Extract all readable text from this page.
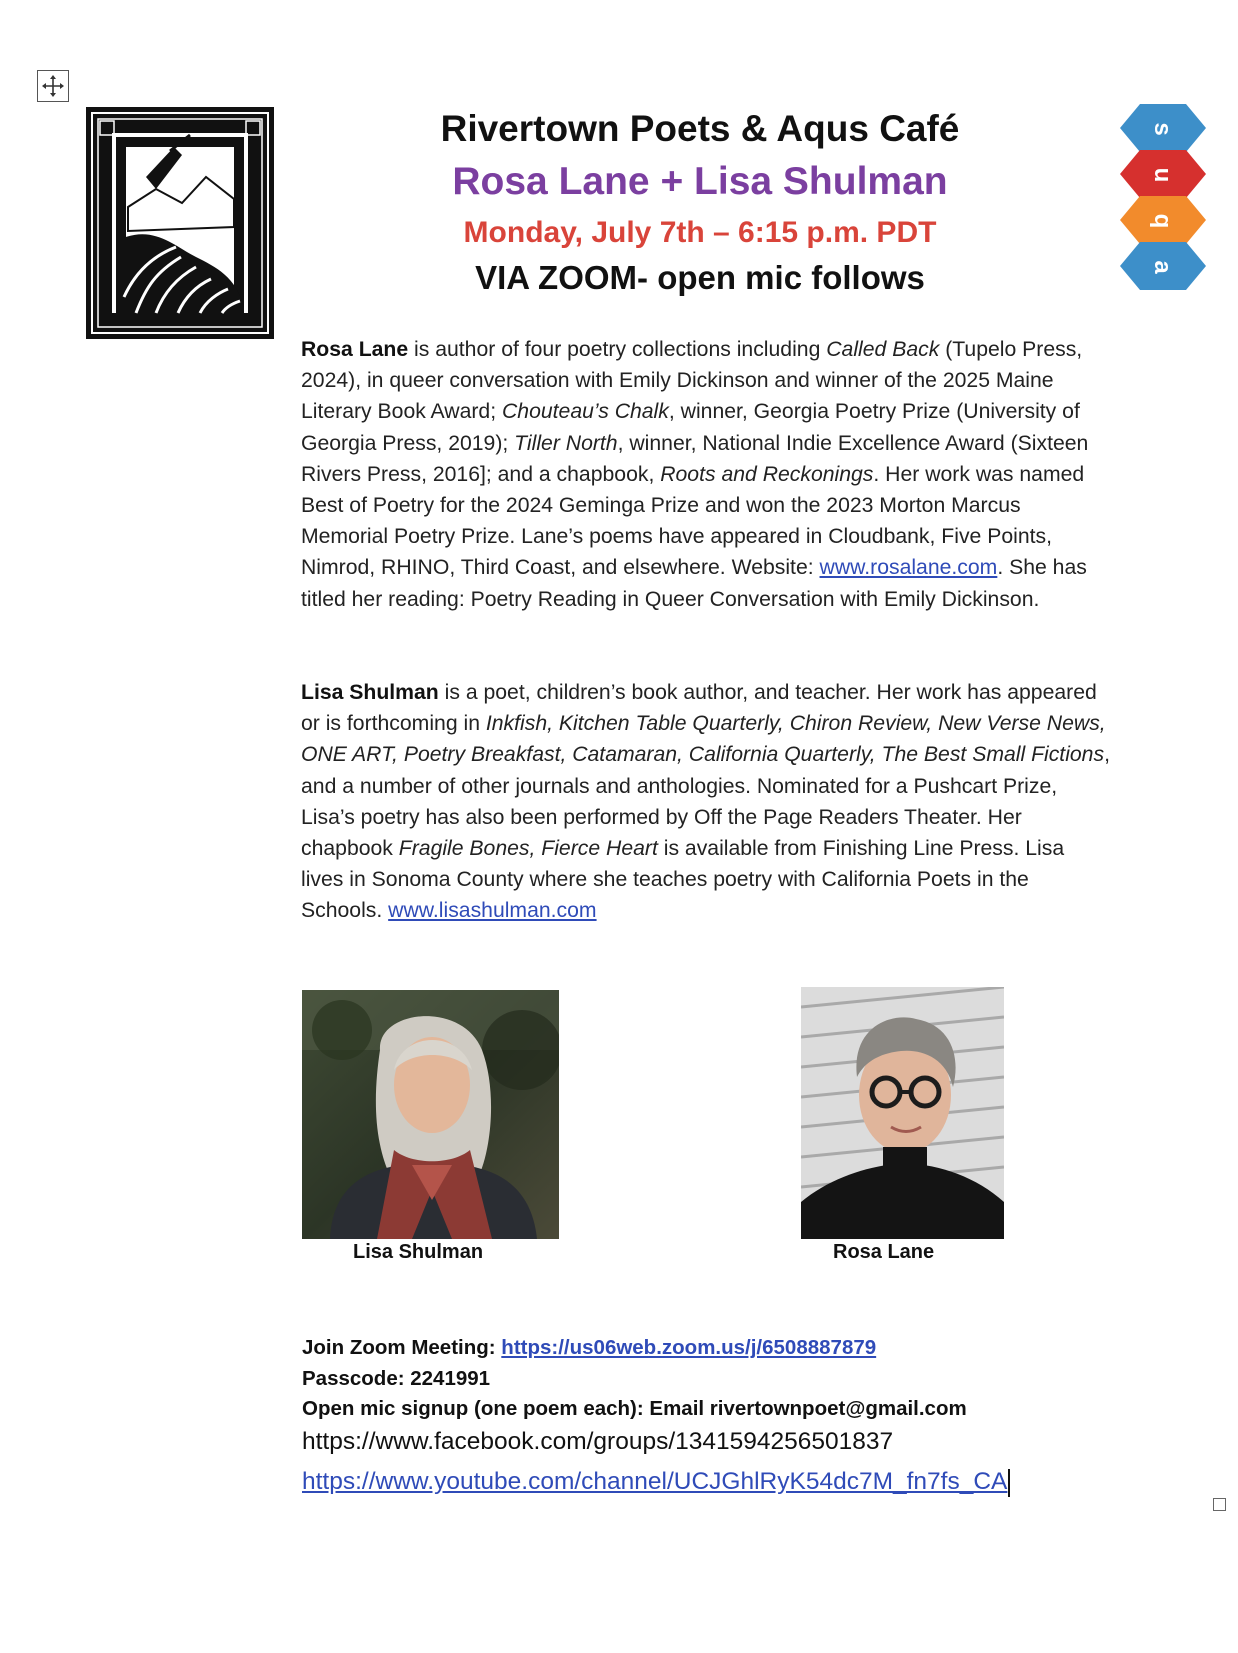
s
u
q
a
Rivertown Poets & Aqus Café
Rosa Lane + Lisa Shulman
Monday, July 7th – 6:15 p.m. PDT
VIA ZOOM- open mic follows

Rosa Lane is author of four poetry collections including Called Back (Tupelo Press, 2024), in queer conversation with Emily Dickinson and winner of the 2025 Maine Literary Book Award; Chouteau’s Chalk, winner, Georgia Poetry Prize (University of Georgia Press, 2019); Tiller North, winner, National Indie Excellence Award (Sixteen Rivers Press, 2016]; and a chapbook, Roots and Reckonings. Her work was named Best of Poetry for the 2024 Geminga Prize and won the 2023 Morton Marcus Memorial Poetry Prize. Lane’s poems have appeared in Cloudbank, Five Points, Nimrod, RHINO, Third Coast, and elsewhere. Website: www.rosalane.com. She has titled her reading: Poetry Reading in Queer Conversation with Emily Dickinson.

Lisa Shulman is a poet, children’s book author, and teacher. Her work has appeared or is forthcoming in Inkfish, Kitchen Table Quarterly, Chiron Review, New Verse News, ONE ART, Poetry Breakfast, Catamaran, California Quarterly, The Best Small Fictions, and a number of other journals and anthologies. Nominated for a Pushcart Prize, Lisa’s poetry has also been performed by Off the Page Readers Theater. Her chapbook Fragile Bones, Fierce Heart is available from Finishing Line Press. Lisa lives in Sonoma County where she teaches poetry with California Poets in the Schools. www.lisashulman.com

Lisa Shulman	Rosa Lane
Join Zoom Meeting: https://us06web.zoom.us/j/6508887879
Passcode: 2241991
Open mic signup (one poem each): Email rivertownpoet@gmail.com
https://www.facebook.com/groups/1341594256501837
https://www.youtube.com/channel/UCJGhlRyK54dc7M_fn7fs_CA
